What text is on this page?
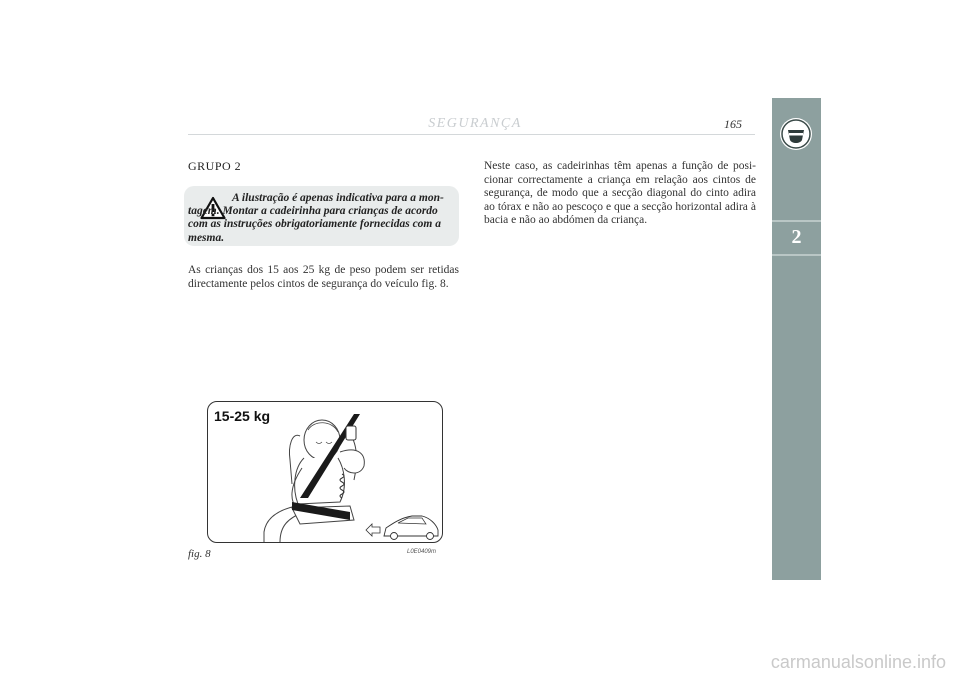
SEGURANÇA	165
GRUPO 2

A ilustração é apenas indicativa para a mon-tagem. Montar a cadeirinha para crianças de acordo com as instruções obrigatoriamente fornecidas com a mesma.

As crianças dos 15 aos 25 kg de peso podem ser retidas directamente pelos cintos de segurança do veículo fig. 8.

Neste caso, as cadeirinhas têm apenas a função de posi-cionar correctamente a criança em relação aos cintos de segurança, de modo que a secção diagonal do cinto adira ao tórax e não ao pescoço e que a secção horizontal adira à bacia e não ao abdómen da criança.

15-25 kg
fig. 8	L0E0409m
2
carmanualsonline.info
